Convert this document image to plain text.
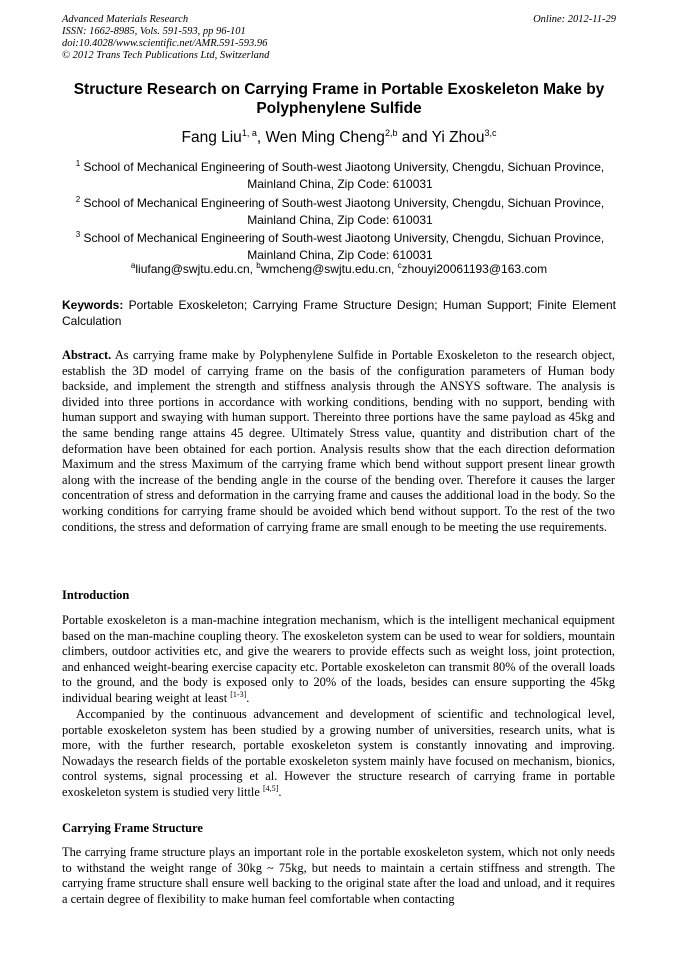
Advanced Materials Research
ISSN: 1662-8985, Vols. 591-593, pp 96-101
doi:10.4028/www.scientific.net/AMR.591-593.96
© 2012 Trans Tech Publications Ltd, Switzerland
Online: 2012-11-29
Structure Research on Carrying Frame in Portable Exoskeleton Make by Polyphenylene Sulfide
Fang Liu$^{1, a}$, Wen Ming Cheng$^{2,b}$ and Yi Zhou$^{3,c}$
$^1$ School of Mechanical Engineering of South-west Jiaotong University, Chengdu, Sichuan Province,
Mainland China, Zip Code: 610031
$^2$ School of Mechanical Engineering of South-west Jiaotong University, Chengdu, Sichuan Province,
Mainland China, Zip Code: 610031
$^3$ School of Mechanical Engineering of South-west Jiaotong University, Chengdu, Sichuan Province,
Mainland China, Zip Code: 610031
$^a$liufang@swjtu.edu.cn, $^b$wmcheng@swjtu.edu.cn, $^c$zhouyi20061193@163.com
Keywords: Portable Exoskeleton; Carrying Frame Structure Design; Human Support; Finite Element Calculation
Abstract. As carrying frame make by Polyphenylene Sulfide in Portable Exoskeleton to the research object, establish the 3D model of carrying frame on the basis of the configuration parameters of Human body backside, and implement the strength and stiffness analysis through the ANSYS software. The analysis is divided into three portions in accordance with working conditions, bending with no support, bending with human support and swaying with human support. Thereinto three portions have the same payload as 45kg and the same bending range attains 45 degree. Ultimately Stress value, quantity and distribution chart of the deformation have been obtained for each portion. Analysis results show that the each direction deformation Maximum and the stress Maximum of the carrying frame which bend without support present linear growth along with the increase of the bending angle in the course of the bending over. Therefore it causes the larger concentration of stress and deformation in the carrying frame and causes the additional load in the body. So the working conditions for carrying frame should be avoided which bend without support. To the rest of the two conditions, the stress and deformation of carrying frame are small enough to be meeting the use requirements.
Introduction
Portable exoskeleton is a man-machine integration mechanism, which is the intelligent mechanical equipment based on the man-machine coupling theory. The exoskeleton system can be used to wear for soldiers, mountain climbers, outdoor activities etc, and give the wearers to provide effects such as weight loss, joint protection, and enhanced weight-bearing exercise capacity etc. Portable exoskeleton can transmit 80% of the overall loads to the ground, and the body is exposed only to 20% of the loads, besides can ensure supporting the 45kg individual bearing weight at least [1-3].
Accompanied by the continuous advancement and development of scientific and technological level, portable exoskeleton system has been studied by a growing number of universities, research units, what is more, with the further research, portable exoskeleton system is constantly innovating and improving. Nowadays the research fields of the portable exoskeleton system mainly have focused on mechanism, bionics, control systems, signal processing et al. However the structure research of carrying frame in portable exoskeleton system is studied very little [4,5].
Carrying Frame Structure
The carrying frame structure plays an important role in the portable exoskeleton system, which not only needs to withstand the weight range of 30kg ~ 75kg, but needs to maintain a certain stiffness and strength. The carrying frame structure shall ensure well backing to the original state after the load and unload, and it requires a certain degree of flexibility to make human feel comfortable when contacting
